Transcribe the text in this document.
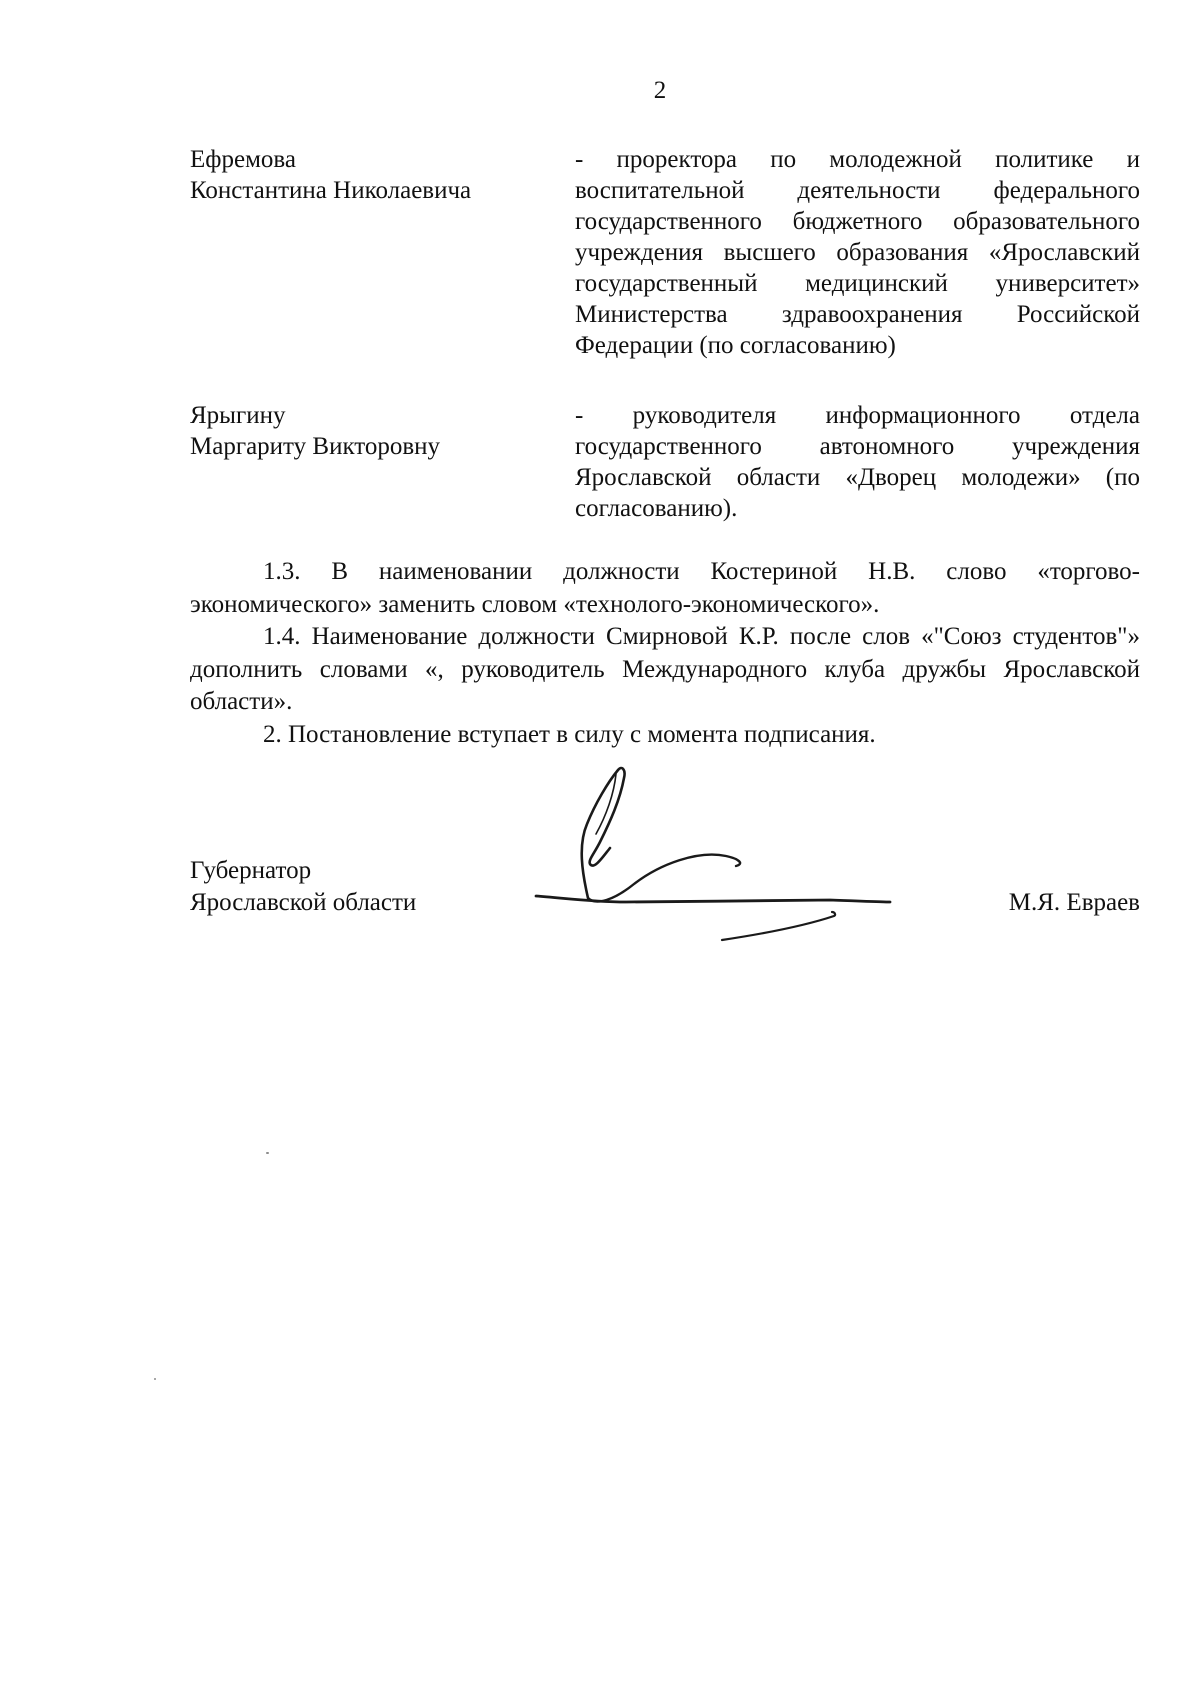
2
Ефремова
Константина Николаевича
- проректора по молодежной политике и воспитательной деятельности федерального государственного бюджетного образовательного учреждения высшего образования «Ярославский государственный медицинский университет» Министерства здравоохранения Российской Федерации (по согласованию)
Ярыгину
Маргариту Викторовну
- руководителя информационного отдела государственного автономного учреждения Ярославской области «Дворец молодежи» (по согласованию).

1.3. В наименовании должности Костериной Н.В. слово «торгово-экономического» заменить словом «технолого-экономического».

1.4. Наименование должности Смирновой К.Р. после слов «"Союз студентов"» дополнить словами «, руководитель Международного клуба дружбы Ярославской области».

2. Постановление вступает в силу с момента подписания.

Губернатор
Ярославской области	М.Я. Евраев
